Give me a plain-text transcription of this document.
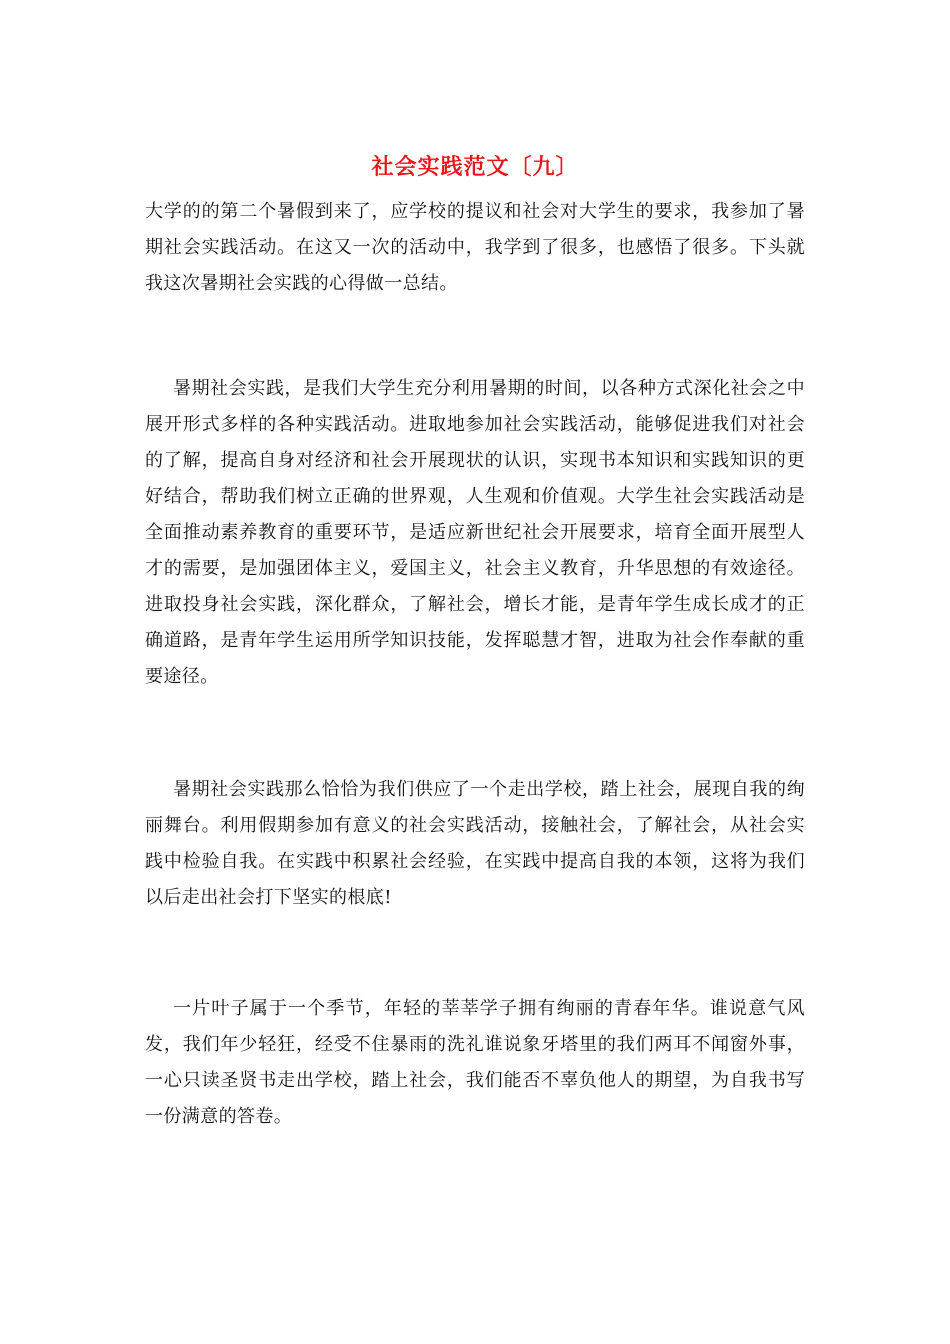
社会实践范文〔九〕

大学的的第二个暑假到来了，应学校的提议和社会对大学生的要求，我参加了暑期社会实践活动。在这又一次的活动中，我学到了很多，也感悟了很多。下头就我这次暑期社会实践的心得做一总结。

暑期社会实践，是我们大学生充分利用暑期的时间，以各种方式深化社会之中展开形式多样的各种实践活动。进取地参加社会实践活动，能够促进我们对社会的了解，提高自身对经济和社会开展现状的认识，实现书本知识和实践知识的更好结合，帮助我们树立正确的世界观，人生观和价值观。大学生社会实践活动是全面推动素养教育的重要环节，是适应新世纪社会开展要求，培育全面开展型人才的需要，是加强团体主义，爱国主义，社会主义教育，升华思想的有效途径。进取投身社会实践，深化群众，了解社会，增长才能，是青年学生成长成才的正确道路，是青年学生运用所学知识技能，发挥聪慧才智，进取为社会作奉献的重要途径。

暑期社会实践那么恰恰为我们供应了一个走出学校，踏上社会，展现自我的绚丽舞台。利用假期参加有意义的社会实践活动，接触社会，了解社会，从社会实践中检验自我。在实践中积累社会经验，在实践中提高自我的本领，这将为我们以后走出社会打下坚实的根底!

一片叶子属于一个季节，年轻的莘莘学子拥有绚丽的青春年华。谁说意气风发，我们年少轻狂，经受不住暴雨的洗礼谁说象牙塔里的我们两耳不闻窗外事，一心只读圣贤书走出学校，踏上社会，我们能否不辜负他人的期望，为自我书写一份满意的答卷。
